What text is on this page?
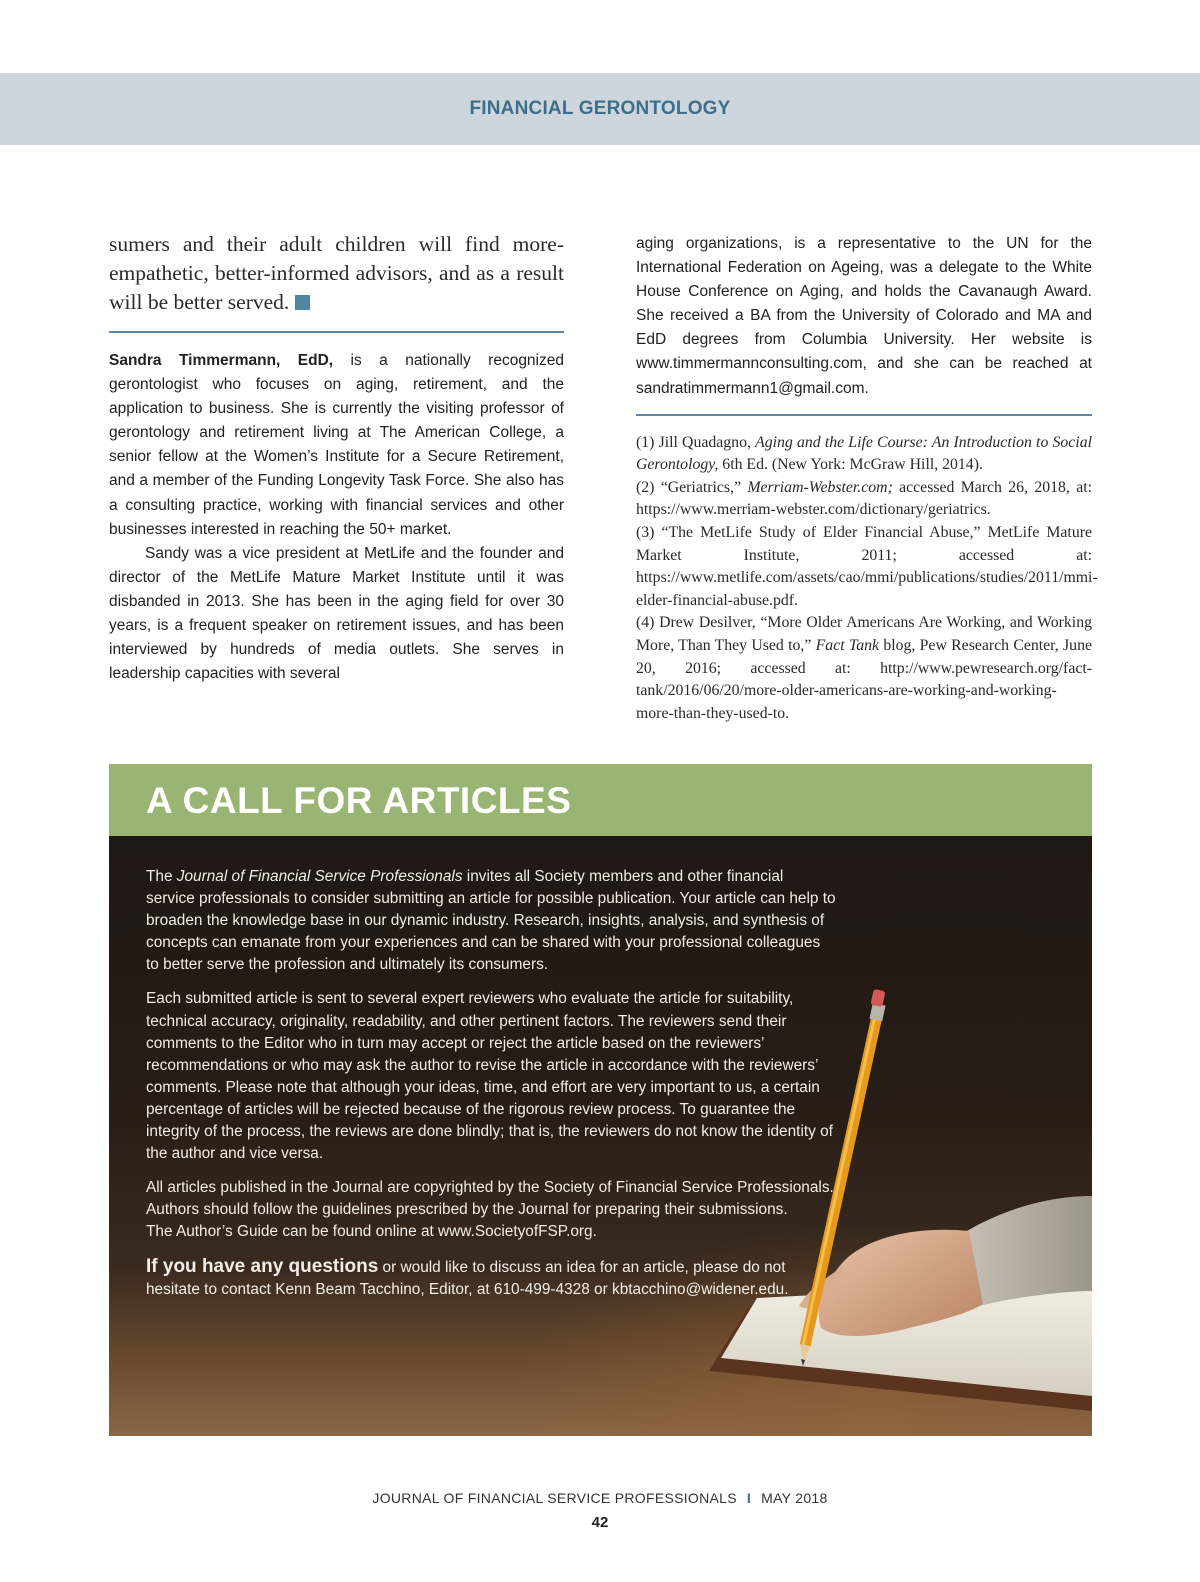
FINANCIAL GERONTOLOGY

sumers and their adult children will find more-empathetic, better-informed advisors, and as a result will be better served.

Sandra Timmermann, EdD, is a nationally recognized gerontologist who focuses on aging, retirement, and the application to business. She is currently the visiting professor of gerontology and retirement living at The American College, a senior fellow at the Women’s Institute for a Secure Retirement, and a member of the Funding Longevity Task Force. She also has a consulting practice, working with financial services and other businesses interested in reaching the 50+ market.

Sandy was a vice president at MetLife and the founder and director of the MetLife Mature Market Institute until it was disbanded in 2013. She has been in the aging field for over 30 years, is a frequent speaker on retirement issues, and has been interviewed by hundreds of media outlets. She serves in leadership capacities with several

aging organizations, is a representative to the UN for the International Federation on Ageing, was a delegate to the White House Conference on Aging, and holds the Cavanaugh Award. She received a BA from the University of Colorado and MA and EdD degrees from Columbia University. Her website is www.timmermannconsulting.com, and she can be reached at sandratimmermann1@gmail.com.

(1) Jill Quadagno, Aging and the Life Course: An Introduction to Social Gerontology, 6th Ed. (New York: McGraw Hill, 2014).

(2) “Geriatrics,” Merriam-Webster.com; accessed March 26, 2018, at: https://www.merriam-webster.com/dictionary/geriatrics.

(3) “The MetLife Study of Elder Financial Abuse,” MetLife Mature Market Institute, 2011; accessed at: https://www.metlife.com/assets/cao/mmi/publications/studies/2011/mmi-elder-financial-abuse.pdf.

(4) Drew Desilver, “More Older Americans Are Working, and Working More, Than They Used to,” Fact Tank blog, Pew Research Center, June 20, 2016; accessed at: http://www.pewresearch.org/fact-tank/2016/06/20/more-older-americans-are-working-and-working-more-than-they-used-to.

A CALL FOR ARTICLES

The Journal of Financial Service Professionals invites all Society members and other financial service professionals to consider submitting an article for possible publication. Your article can help to broaden the knowledge base in our dynamic industry. Research, insights, analysis, and synthesis of concepts can emanate from your experiences and can be shared with your professional colleagues to better serve the profession and ultimately its consumers.

Each submitted article is sent to several expert reviewers who evaluate the article for suitability, technical accuracy, originality, readability, and other pertinent factors. The reviewers send their comments to the Editor who in turn may accept or reject the article based on the reviewers’ recommendations or who may ask the author to revise the article in accordance with the reviewers’ comments. Please note that although your ideas, time, and effort are very important to us, a certain percentage of articles will be rejected because of the rigorous review process. To guarantee the integrity of the process, the reviews are done blindly; that is, the reviewers do not know the identity of the author and vice versa.

All articles published in the Journal are copyrighted by the Society of Financial Service Professionals. Authors should follow the guidelines prescribed by the Journal for preparing their submissions.
The Author’s Guide can be found online at www.SocietyofFSP.org.

If you have any questions or would like to discuss an idea for an article, please do not hesitate to contact Kenn Beam Tacchino, Editor, at 610-499-4328 or kbtacchino@widener.edu.

JOURNAL OF FINANCIAL SERVICE PROFESSIONALS I MAY 2018
42
